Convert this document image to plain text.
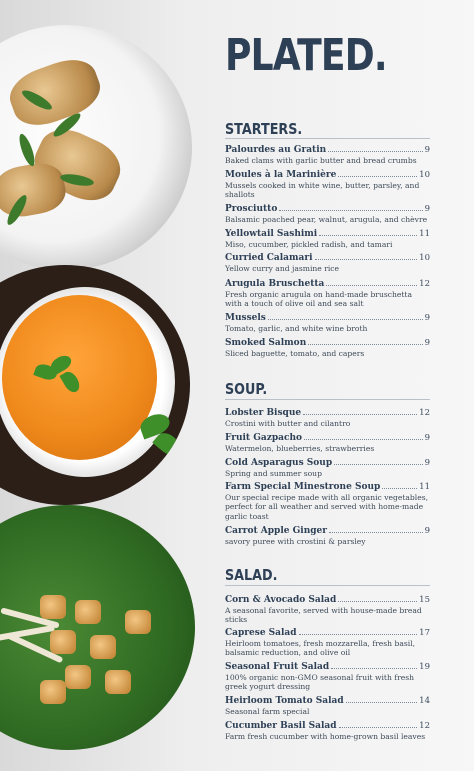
PLATED.
STARTERS.
Palourdes au Gratin	9
Baked clams with garlic butter and bread crumbs
Moules à la Marinière	10
Mussels cooked in white wine, butter, parsley, and shallots
Prosciutto	9
Balsamic poached pear, walnut, arugula, and chèvre
Yellowtail Sashimi	11
Miso, cucumber, pickled radish, and tamari
Curried Calamari	10
Yellow curry and jasmine rice
Arugula Bruschetta	12
Fresh organic arugula on hand-made bruschetta with a touch of olive oil and sea salt
Mussels	9
Tomato, garlic, and white wine broth
Smoked Salmon	9
Sliced baguette, tomato, and capers
SOUP.
Lobster Bisque	12
Crostini with butter and cilantro
Fruit Gazpacho	9
Watermelon, blueberries, strawberries
Cold Asparagus Soup	9
Spring and summer soup
Farm Special Minestrone Soup	11
Our special recipe made with all organic vegetables, perfect for all weather and served with home-made garlic toast
Carrot Apple Ginger	9
savory puree with crostini & parsley
SALAD.
Corn & Avocado Salad	15
A seasonal favorite, served with house-made bread sticks
Caprese Salad	17
Heirloom tomatoes, fresh mozzarella, fresh basil, balsamic reduction, and olive oil
Seasonal Fruit Salad	19
100% organic non-GMO seasonal fruit with fresh greek yogurt dressing
Heirloom Tomato Salad	14
Seasonal farm special
Cucumber Basil Salad	12
Farm fresh cucumber with home-grown basil leaves
